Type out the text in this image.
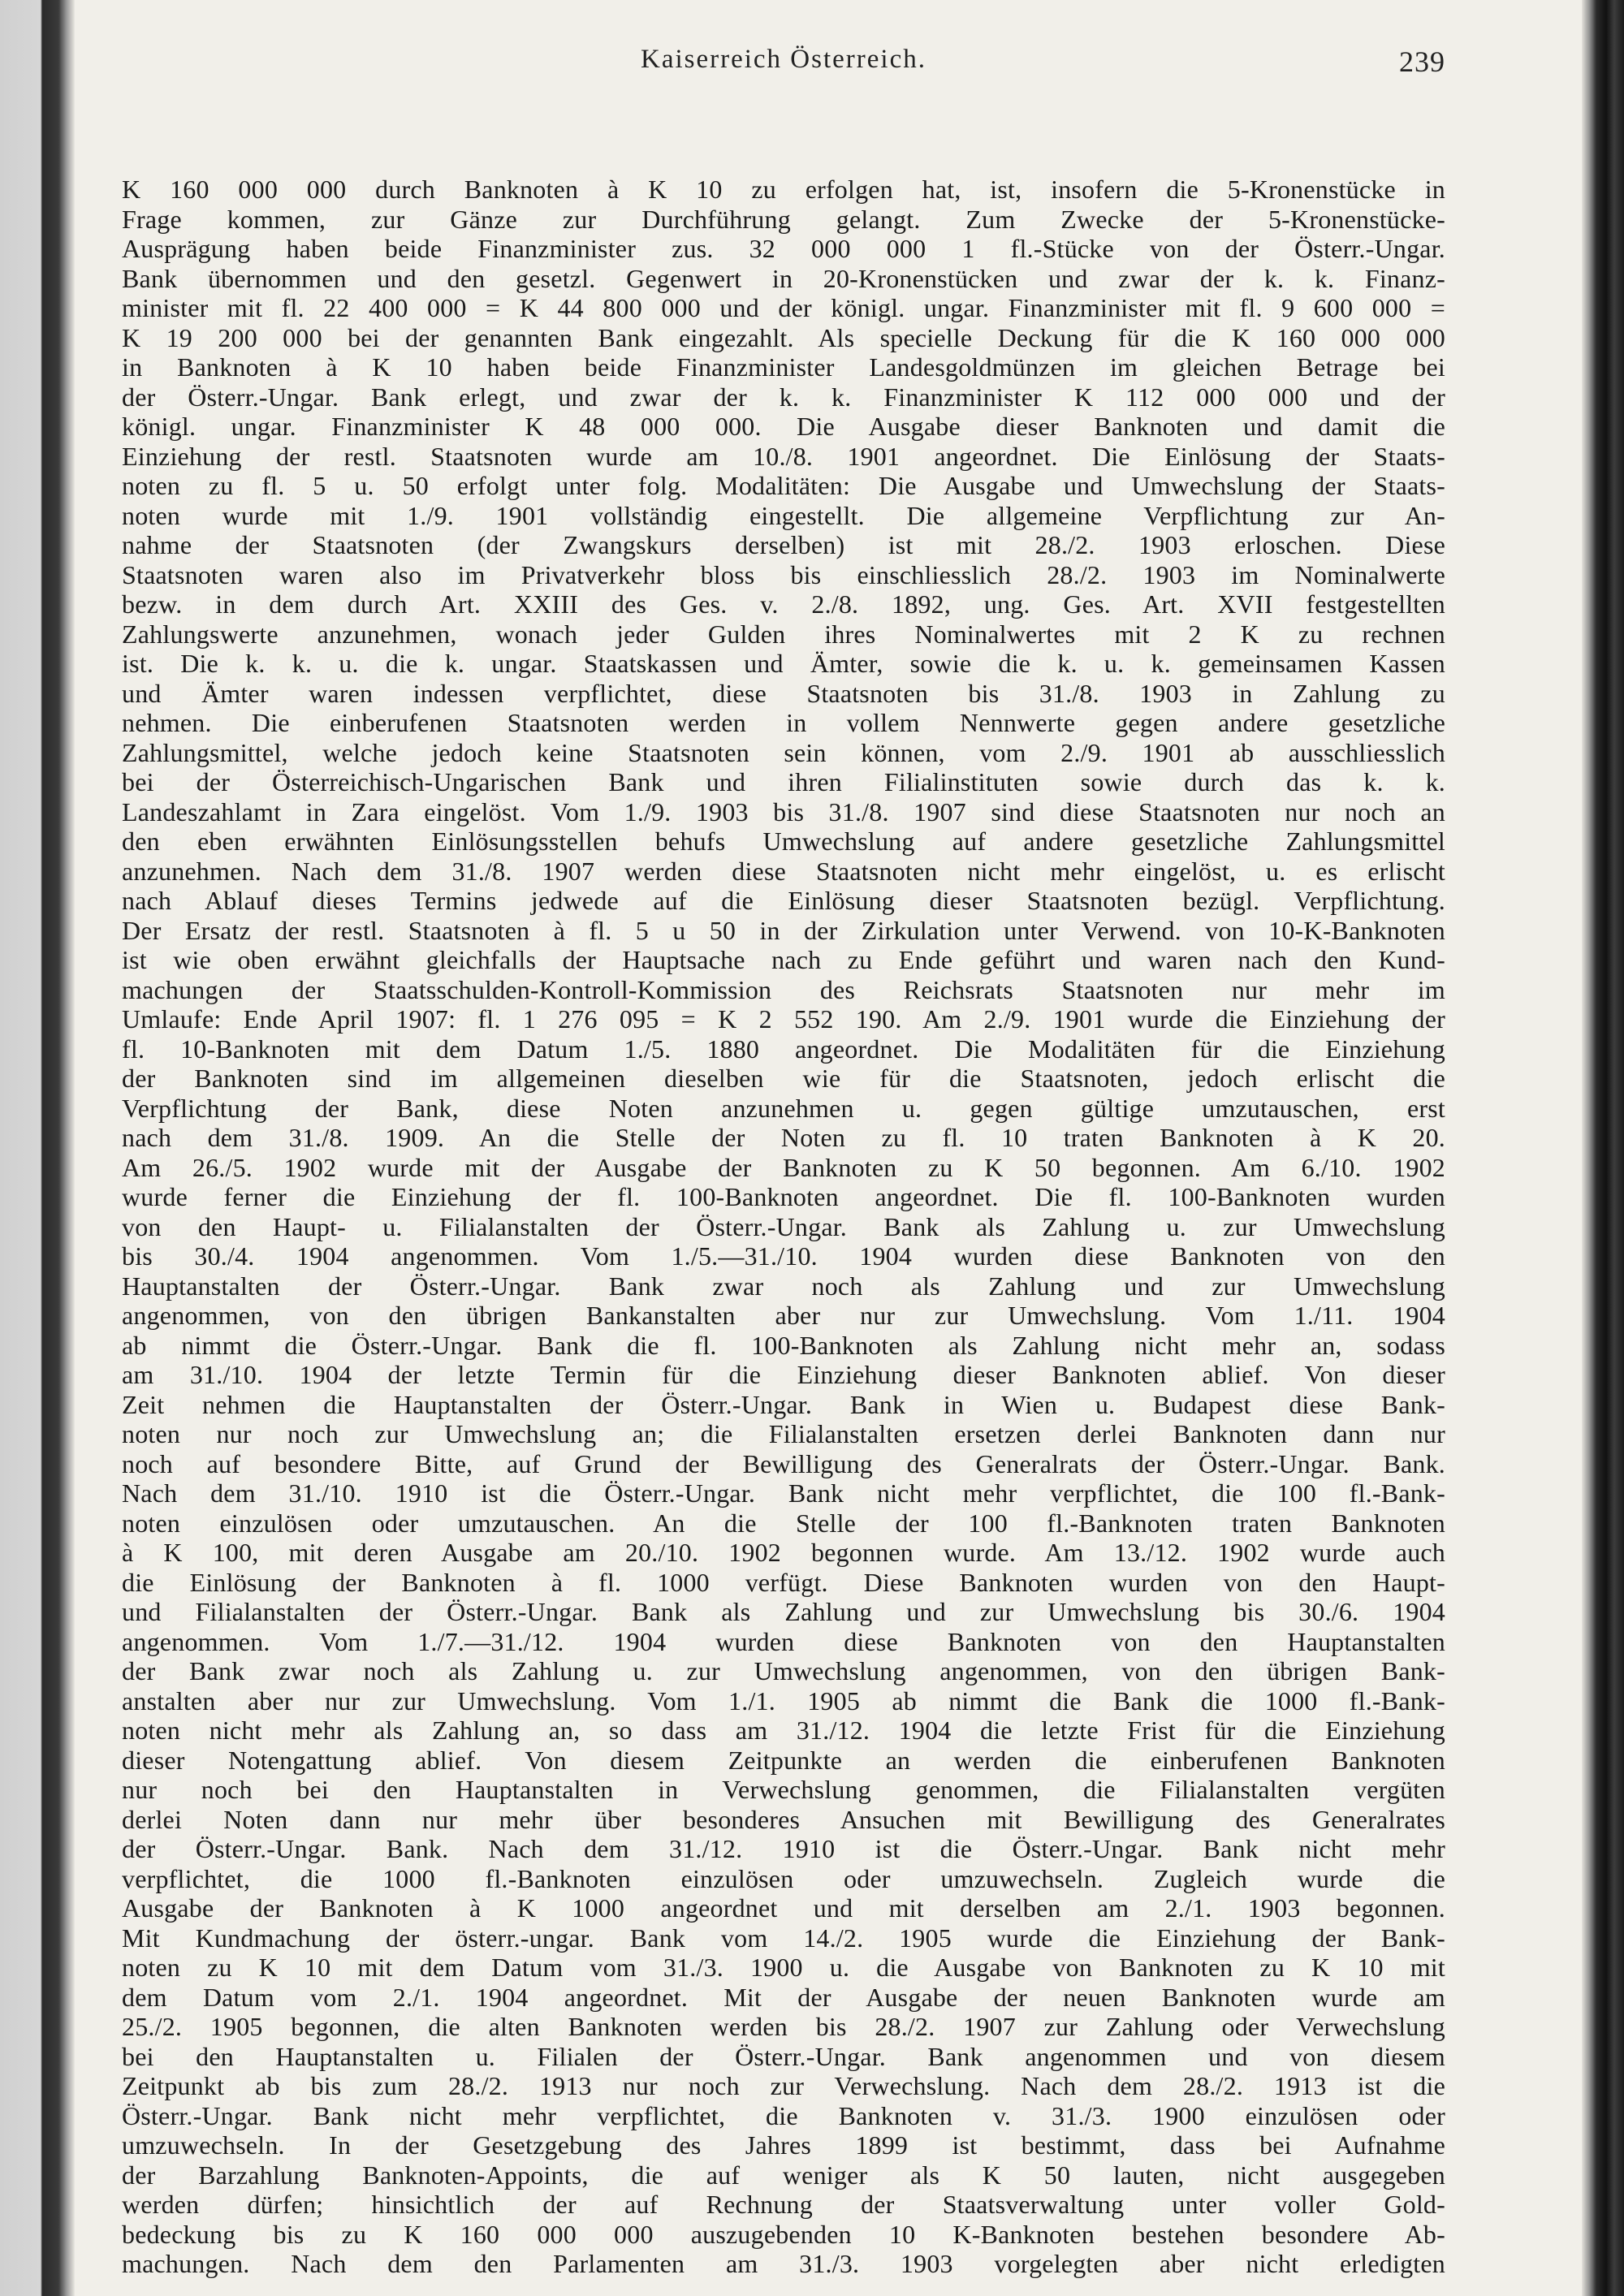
Kaiserreich Österreich.	239
K 160 000 000 durch Banknoten à K 10 zu erfolgen hat, ist, insofern die 5-Kronenstücke in
Frage kommen, zur Gänze zur Durchführung gelangt. Zum Zwecke der 5-Kronenstücke-
Ausprägung haben beide Finanzminister zus. 32 000 000 1 fl.-Stücke von der Österr.-Ungar.
Bank übernommen und den gesetzl. Gegenwert in 20-Kronenstücken und zwar der k. k. Finanz-
minister mit fl. 22 400 000 = K 44 800 000 und der königl. ungar. Finanzminister mit fl. 9 600 000 =
K 19 200 000 bei der genannten Bank eingezahlt. Als specielle Deckung für die K 160 000 000
in Banknoten à K 10 haben beide Finanzminister Landesgoldmünzen im gleichen Betrage bei
der Österr.-Ungar. Bank erlegt, und zwar der k. k. Finanzminister K 112 000 000 und der
königl. ungar. Finanzminister K 48 000 000. Die Ausgabe dieser Banknoten und damit die
Einziehung der restl. Staatsnoten wurde am 10./8. 1901 angeordnet. Die Einlösung der Staats-
noten zu fl. 5 u. 50 erfolgt unter folg. Modalitäten: Die Ausgabe und Umwechslung der Staats-
noten wurde mit 1./9. 1901 vollständig eingestellt. Die allgemeine Verpflichtung zur An-
nahme der Staatsnoten (der Zwangskurs derselben) ist mit 28./2. 1903 erloschen. Diese
Staatsnoten waren also im Privatverkehr bloss bis einschliesslich 28./2. 1903 im Nominalwerte
bezw. in dem durch Art. XXIII des Ges. v. 2./8. 1892, ung. Ges. Art. XVII festgestellten
Zahlungswerte anzunehmen, wonach jeder Gulden ihres Nominalwertes mit 2 K zu rechnen
ist. Die k. k. u. die k. ungar. Staatskassen und Ämter, sowie die k. u. k. gemeinsamen Kassen
und Ämter waren indessen verpflichtet, diese Staatsnoten bis 31./8. 1903 in Zahlung zu
nehmen. Die einberufenen Staatsnoten werden in vollem Nennwerte gegen andere gesetzliche
Zahlungsmittel, welche jedoch keine Staatsnoten sein können, vom 2./9. 1901 ab ausschliesslich
bei der Österreichisch-Ungarischen Bank und ihren Filialinstituten sowie durch das k. k.
Landeszahlamt in Zara eingelöst. Vom 1./9. 1903 bis 31./8. 1907 sind diese Staatsnoten nur noch an
den eben erwähnten Einlösungsstellen behufs Umwechslung auf andere gesetzliche Zahlungsmittel
anzunehmen. Nach dem 31./8. 1907 werden diese Staatsnoten nicht mehr eingelöst, u. es erlischt
nach Ablauf dieses Termins jedwede auf die Einlösung dieser Staatsnoten bezügl. Verpflichtung.
Der Ersatz der restl. Staatsnoten à fl. 5 u 50 in der Zirkulation unter Verwend. von 10-K-Banknoten
ist wie oben erwähnt gleichfalls der Hauptsache nach zu Ende geführt und waren nach den Kund-
machungen der Staatsschulden-Kontroll-Kommission des Reichsrats Staatsnoten nur mehr im
Umlaufe: Ende April 1907: fl. 1 276 095 = K 2 552 190. Am 2./9. 1901 wurde die Einziehung der
fl. 10-Banknoten mit dem Datum 1./5. 1880 angeordnet. Die Modalitäten für die Einziehung
der Banknoten sind im allgemeinen dieselben wie für die Staatsnoten, jedoch erlischt die
Verpflichtung der Bank, diese Noten anzunehmen u. gegen gültige umzutauschen, erst
nach dem 31./8. 1909. An die Stelle der Noten zu fl. 10 traten Banknoten à K 20.
Am 26./5. 1902 wurde mit der Ausgabe der Banknoten zu K 50 begonnen. Am 6./10. 1902
wurde ferner die Einziehung der fl. 100-Banknoten angeordnet. Die fl. 100-Banknoten wurden
von den Haupt- u. Filialanstalten der Österr.-Ungar. Bank als Zahlung u. zur Umwechslung
bis 30./4. 1904 angenommen. Vom 1./5.—31./10. 1904 wurden diese Banknoten von den
Hauptanstalten der Österr.-Ungar. Bank zwar noch als Zahlung und zur Umwechslung
angenommen, von den übrigen Bankanstalten aber nur zur Umwechslung. Vom 1./11. 1904
ab nimmt die Österr.-Ungar. Bank die fl. 100-Banknoten als Zahlung nicht mehr an, sodass
am 31./10. 1904 der letzte Termin für die Einziehung dieser Banknoten ablief. Von dieser
Zeit nehmen die Hauptanstalten der Österr.-Ungar. Bank in Wien u. Budapest diese Bank-
noten nur noch zur Umwechslung an; die Filialanstalten ersetzen derlei Banknoten dann nur
noch auf besondere Bitte, auf Grund der Bewilligung des Generalrats der Österr.-Ungar. Bank.
Nach dem 31./10. 1910 ist die Österr.-Ungar. Bank nicht mehr verpflichtet, die 100 fl.-Bank-
noten einzulösen oder umzutauschen. An die Stelle der 100 fl.-Banknoten traten Banknoten
à K 100, mit deren Ausgabe am 20./10. 1902 begonnen wurde. Am 13./12. 1902 wurde auch
die Einlösung der Banknoten à fl. 1000 verfügt. Diese Banknoten wurden von den Haupt-
und Filialanstalten der Österr.-Ungar. Bank als Zahlung und zur Umwechslung bis 30./6. 1904
angenommen. Vom 1./7.—31./12. 1904 wurden diese Banknoten von den Hauptanstalten
der Bank zwar noch als Zahlung u. zur Umwechslung angenommen, von den übrigen Bank-
anstalten aber nur zur Umwechslung. Vom 1./1. 1905 ab nimmt die Bank die 1000 fl.-Bank-
noten nicht mehr als Zahlung an, so dass am 31./12. 1904 die letzte Frist für die Einziehung
dieser Notengattung ablief. Von diesem Zeitpunkte an werden die einberufenen Banknoten
nur noch bei den Hauptanstalten in Verwechslung genommen, die Filialanstalten vergüten
derlei Noten dann nur mehr über besonderes Ansuchen mit Bewilligung des Generalrates
der Österr.-Ungar. Bank. Nach dem 31./12. 1910 ist die Österr.-Ungar. Bank nicht mehr
verpflichtet, die 1000 fl.-Banknoten einzulösen oder umzuwechseln. Zugleich wurde die
Ausgabe der Banknoten à K 1000 angeordnet und mit derselben am 2./1. 1903 begonnen.
Mit Kundmachung der österr.-ungar. Bank vom 14./2. 1905 wurde die Einziehung der Bank-
noten zu K 10 mit dem Datum vom 31./3. 1900 u. die Ausgabe von Banknoten zu K 10 mit
dem Datum vom 2./1. 1904 angeordnet. Mit der Ausgabe der neuen Banknoten wurde am
25./2. 1905 begonnen, die alten Banknoten werden bis 28./2. 1907 zur Zahlung oder Verwechslung
bei den Hauptanstalten u. Filialen der Österr.-Ungar. Bank angenommen und von diesem
Zeitpunkt ab bis zum 28./2. 1913 nur noch zur Verwechslung. Nach dem 28./2. 1913 ist die
Österr.-Ungar. Bank nicht mehr verpflichtet, die Banknoten v. 31./3. 1900 einzulösen oder
umzuwechseln. In der Gesetzgebung des Jahres 1899 ist bestimmt, dass bei Aufnahme
der Barzahlung Banknoten-Appoints, die auf weniger als K 50 lauten, nicht ausgegeben
werden dürfen; hinsichtlich der auf Rechnung der Staatsverwaltung unter voller Gold-
bedeckung bis zu K 160 000 000 auszugebenden 10 K-Banknoten bestehen besondere Ab-
machungen. Nach dem den Parlamenten am 31./3. 1903 vorgelegten aber nicht erledigten
